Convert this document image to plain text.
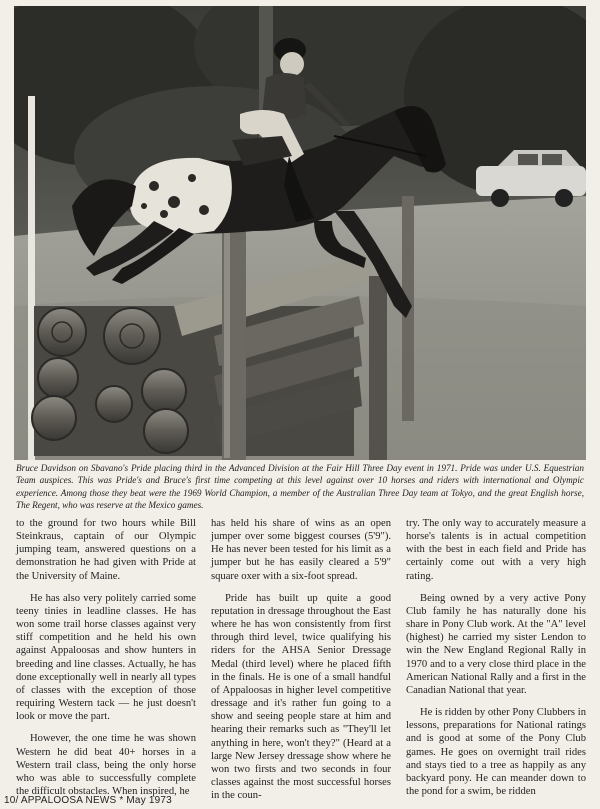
Bruce Davidson on Sbavano's Pride placing third in the Advanced Division at the Fair Hill Three Day event in 1971. Pride was under U.S. Equestrian Team auspices. This was Pride's and Bruce's first time competing at this level against over 10 horses and riders with international and Olympic experience. Among those they beat were the 1969 World Champion, a member of the Australian Three Day team at Tokyo, and the great English horse, The Regent, who was reserve at the Mexico games.

to the ground for two hours while Bill Steinkraus, captain of our Olympic jumping team, answered questions on a demonstration he had given with Pride at the University of Maine.

He has also very politely carried some teeny tinies in leadline classes. He has won some trail horse classes against very stiff competition and he held his own against Appaloosas and show hunters in breeding and line classes. Actually, he has done exceptionally well in nearly all types of classes with the exception of those requiring Western tack — he just doesn't look or move the part.

However, the one time he was shown Western he did beat 40+ horses in a Western trail class, being the only horse who was able to successfully complete the difficult obstacles. When inspired, he

has held his share of wins as an open jumper over some biggest courses (5'9"). He has never been tested for his limit as a jumper but he has easily cleared a 5'9" square oxer with a six-foot spread.

Pride has built up quite a good reputation in dressage throughout the East where he has won consistently from first through third level, twice qualifying his riders for the AHSA Senior Dressage Medal (third level) where he placed fifth in the finals. He is one of a small handful of Appaloosas in higher level competitive dressage and it's rather fun going to a show and seeing people stare at him and hearing their remarks such as "They'll let anything in here, won't they?" (Heard at a large New Jersey dressage show where he won two firsts and two seconds in four classes against the most successful horses in the coun-

try. The only way to accurately measure a horse's talents is in actual competition with the best in each field and Pride has certainly come out with a very high rating.

Being owned by a very active Pony Club family he has naturally done his share in Pony Club work. At the "A" level (highest) he carried my sister Lendon to win the New England Regional Rally in 1970 and to a very close third place in the American National Rally and a first in the Canadian National that year.

He is ridden by other Pony Clubbers in lessons, preparations for National ratings and is good at some of the Pony Club games. He goes on overnight trail rides and stays tied to a tree as happily as any backyard pony. He can meander down to the pond for a swim, be ridden

10/ APPALOOSA NEWS * May 1973
